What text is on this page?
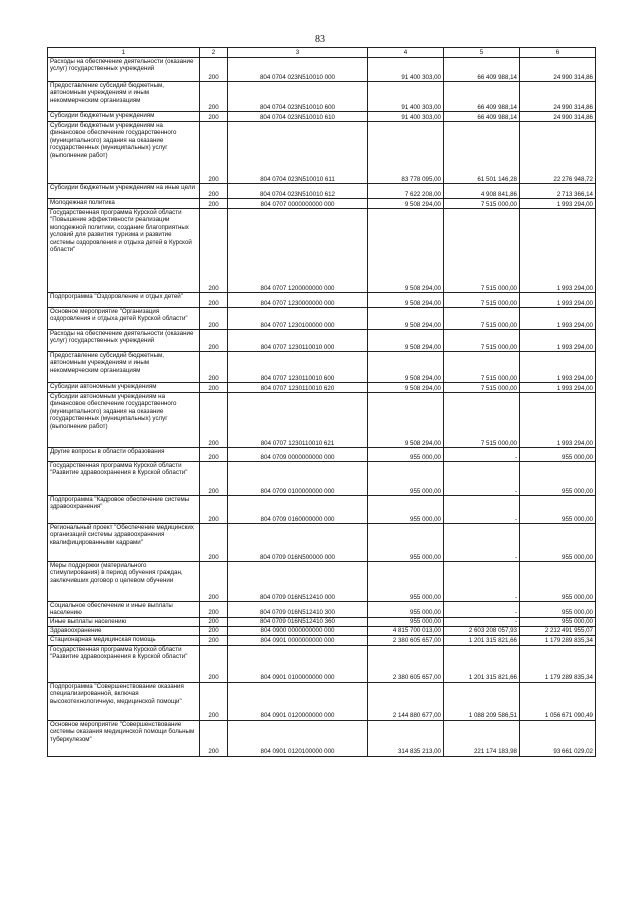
83
1	2	3	4	5	6
Расходы на обеспечение деятельности (оказание услуг) государственных учреждений	200	804 0704 023N510010 000	91 400 303,00	66 409 988,14	24 990 314,86
Предоставление субсидий бюджетным, автономным учреждениям и иным некоммерческим организациям	200	804 0704 023N510010 600	91 400 303,00	66 409 988,14	24 990 314,86
Субсидии бюджетным учреждениям	200	804 0704 023N510010 610	91 400 303,00	66 409 988,14	24 990 314,86
Субсидии бюджетным учреждениям на финансовое обеспечение государственного (муниципального) задания на оказание государственных (муниципальных) услуг (выполнение работ)	200	804 0704 023N510010 611	83 778 095,00	61 501 146,28	22 276 948,72
Субсидии бюджетным учреждениям на иные цели	200	804 0704 023N510010 612	7 622 208,00	4 908 841,86	2 713 366,14
Молодежная политика	200	804 0707 0000000000 000	9 508 294,00	7 515 000,00	1 993 294,00
Государственная программа Курской области "Повышение эффективности реализации молодежной политики, создание благоприятных условий для развития туризма и развитие системы оздоровления и отдыха детей в Курской области"	200	804 0707 1200000000 000	9 508 294,00	7 515 000,00	1 993 294,00
Подпрограмма "Оздоровление и отдых детей"	200	804 0707 1230000000 000	9 508 294,00	7 515 000,00	1 993 294,00
Основное мероприятие "Организация оздоровления и отдыха детей Курской области"	200	804 0707 1230100000 000	9 508 294,00	7 515 000,00	1 993 294,00
Расходы на обеспечение деятельности (оказание услуг) государственных учреждений	200	804 0707 1230110010 000	9 508 294,00	7 515 000,00	1 993 294,00
Предоставление субсидий бюджетным, автономным учреждениям и иным некоммерческим организациям	200	804 0707 1230110010 600	9 508 294,00	7 515 000,00	1 993 294,00
Субсидии автономным учреждениям	200	804 0707 1230110010 620	9 508 294,00	7 515 000,00	1 993 294,00
Субсидии автономным учреждениям на финансовое обеспечение государственного (муниципального) задания на оказание государственных (муниципальных) услуг (выполнение работ)	200	804 0707 1230110010 621	9 508 294,00	7 515 000,00	1 993 294,00
Другие вопросы в области образования	200	804 0709 0000000000 000	955 000,00	-	955 000,00
Государственная программа Курской области "Развитие здравоохранения в Курской области"	200	804 0709 0100000000 000	955 000,00	-	955 000,00
Подпрограмма "Кадровое обеспечение системы здравоохранения"	200	804 0709 0160000000 000	955 000,00	-	955 000,00
Региональный проект "Обеспечение медицинских организаций системы здравоохранения квалифицированными кадрами"	200	804 0709 016N500000 000	955 000,00	-	955 000,00
Меры поддержки (материального стимулирования) в период обучения граждан, заключивших договор о целевом обучении	200	804 0709 016N512410 000	955 000,00	-	955 000,00
Социальное обеспечение и иные выплаты населению	200	804 0709 016N512410 300	955 000,00	-	955 000,00
Иные выплаты населению	200	804 0709 016N512410 360	955 000,00	-	955 000,00
Здравоохранение	200	804 0900 0000000000 000	4 815 700 013,00	2 603 208 057,93	2 212 491 955,07
Стационарная медицинская помощь	200	804 0901 0000000000 000	2 380 605 657,00	1 201 315 821,66	1 179 289 835,34
Государственная программа Курской области "Развитие здравоохранения в Курской области"	200	804 0901 0100000000 000	2 380 605 657,00	1 201 315 821,66	1 179 289 835,34
Подпрограмма "Совершенствование оказания специализированной, включая высокотехнологичную, медицинской помощи"	200	804 0901 0120000000 000	2 144 880 677,00	1 088 209 586,51	1 056 671 090,49
Основное мероприятие "Совершенствование системы оказания медицинской помощи больным туберкулезом"	200	804 0901 0120100000 000	314 835 213,00	221 174 183,98	93 661 029,02
